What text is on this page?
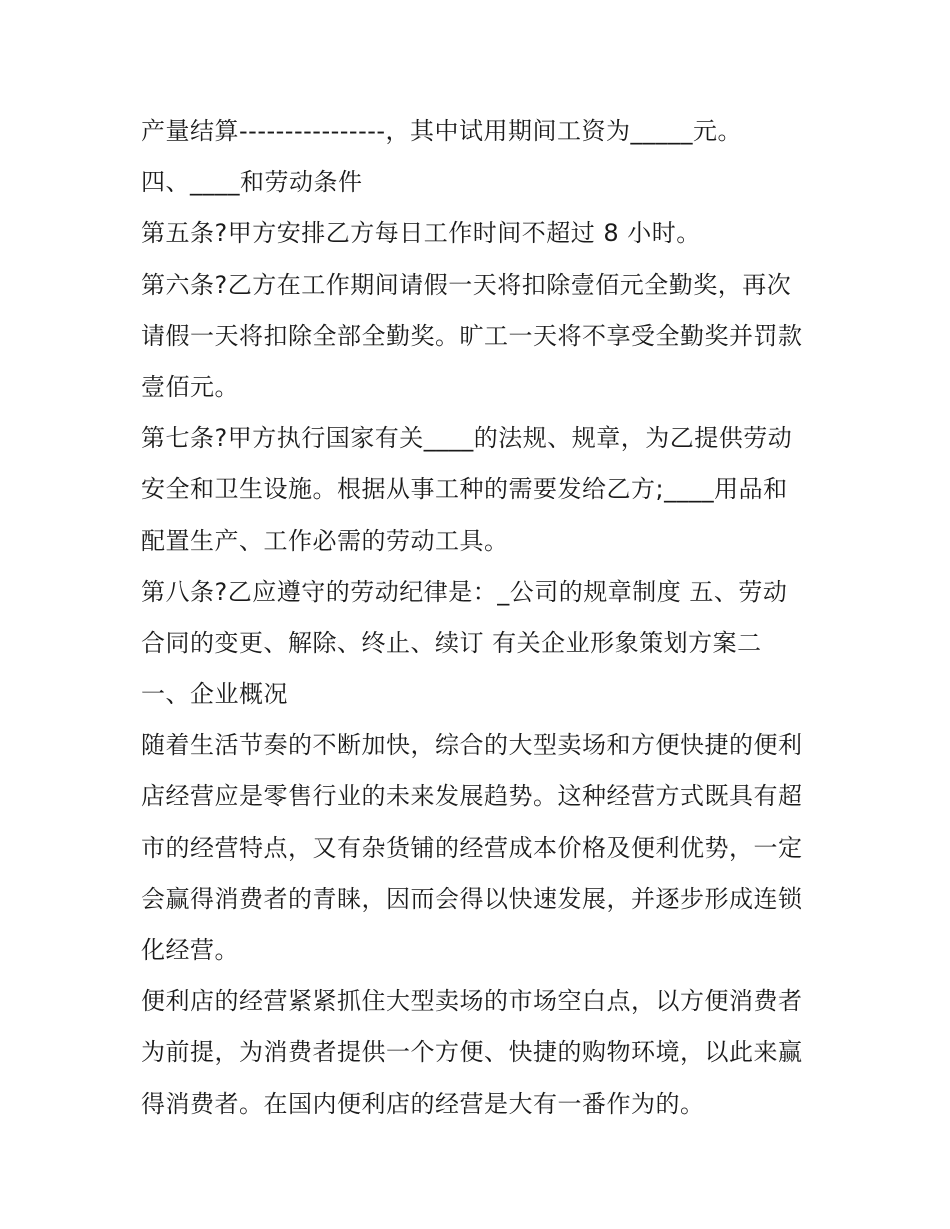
产量结算----------------，其中试用期间工资为_____元。
四、____和劳动条件
第五条?甲方安排乙方每日工作时间不超过 8 小时。
第六条?乙方在工作期间请假一天将扣除壹佰元全勤奖，再次
请假一天将扣除全部全勤奖。旷工一天将不享受全勤奖并罚款
壹佰元。
第七条?甲方执行国家有关____的法规、规章，为乙提供劳动
安全和卫生设施。根据从事工种的需要发给乙方;____用品和
配置生产、工作必需的劳动工具。
第八条?乙应遵守的劳动纪律是：_公司的规章制度 五、劳动
合同的变更、解除、终止、续订 有关企业形象策划方案二
一、企业概况
随着生活节奏的不断加快，综合的大型卖场和方便快捷的便利
店经营应是零售行业的未来发展趋势。这种经营方式既具有超
市的经营特点，又有杂货铺的经营成本价格及便利优势，一定
会赢得消费者的青睐，因而会得以快速发展，并逐步形成连锁
化经营。
便利店的经营紧紧抓住大型卖场的市场空白点，以方便消费者
为前提，为消费者提供一个方便、快捷的购物环境，以此来赢
得消费者。在国内便利店的经营是大有一番作为的。
